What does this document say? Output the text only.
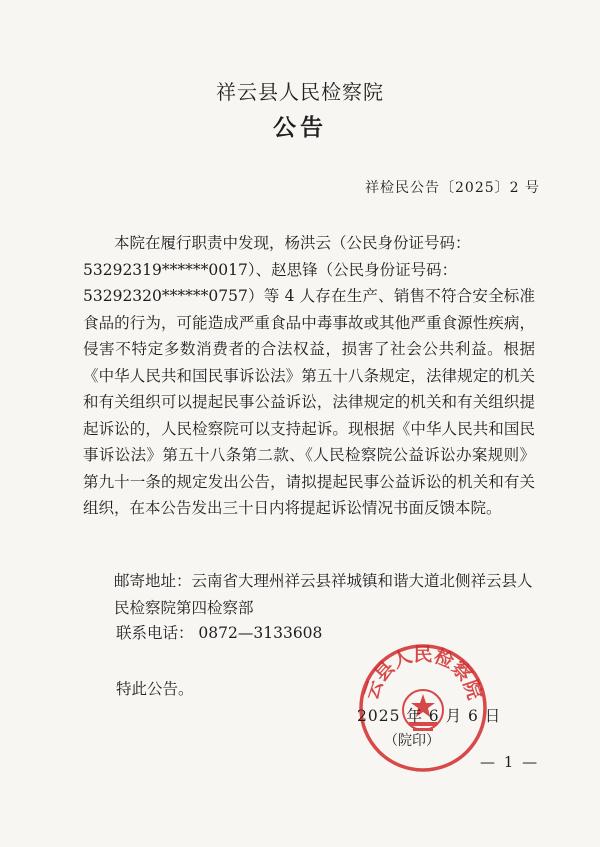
祥云县人民检察院
公告
祥检民公告〔2025〕2 号
本院在履行职责中发现，杨洪云（公民身份证号码：
53292319******0017）、赵思锋（公民身份证号码：
53292320******0757）等 4 人存在生产、销售不符合安全标准食品的行为，可能造成严重食品中毒事故或其他严重食源性疾病，侵害不特定多数消费者的合法权益，损害了社会公共利益。根据《中华人民共和国民事诉讼法》第五十八条规定，法律规定的机关和有关组织可以提起民事公益诉讼，法律规定的机关和有关组织提起诉讼的，人民检察院可以支持起诉。现根据《中华人民共和国民事诉讼法》第五十八条第二款、《人民检察院公益诉讼办案规则》第九十一条的规定发出公告，请拟提起民事公益诉讼的机关和有关组织，在本公告发出三十日内将提起诉讼情况书面反馈本院。
邮寄地址：云南省大理州祥云县祥城镇和谐大道北侧祥云县人民检察院第四检察部
联系电话： 0872—3133608
特此公告。	云县人民检察院
2025 年 6 月 6 日
（院印）
— 1 —
